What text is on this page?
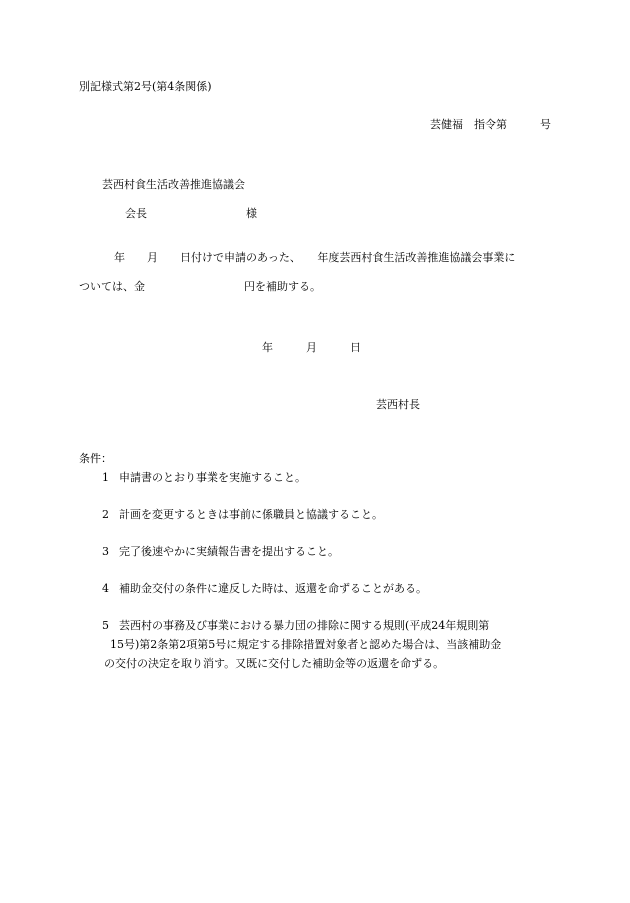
別記様式第2号(第4条関係)
芸健福　指令第　　　号
芸西村食生活改善推進協議会
会長　　　　　　　　　様
年　　月　　日付けで申請のあった、　　年度芸西村食生活改善推進協議会事業に
ついては、金　　　　　　　　　円を補助する。
年　　　月　　　日
芸西村長
条件：
1 申請書のとおり事業を実施すること。
2 計画を変更するときは事前に係職員と協議すること。
3 完了後速やかに実績報告書を提出すること。
4 補助金交付の条件に違反した時は、返還を命ずることがある。
5 芸西村の事務及び事業における暴力団の排除に関する規則(平成24年規則第
15号)第2条第2項第5号に規定する排除措置対象者と認めた場合は、当該補助金
の交付の決定を取り消す。又既に交付した補助金等の返還を命ずる。
